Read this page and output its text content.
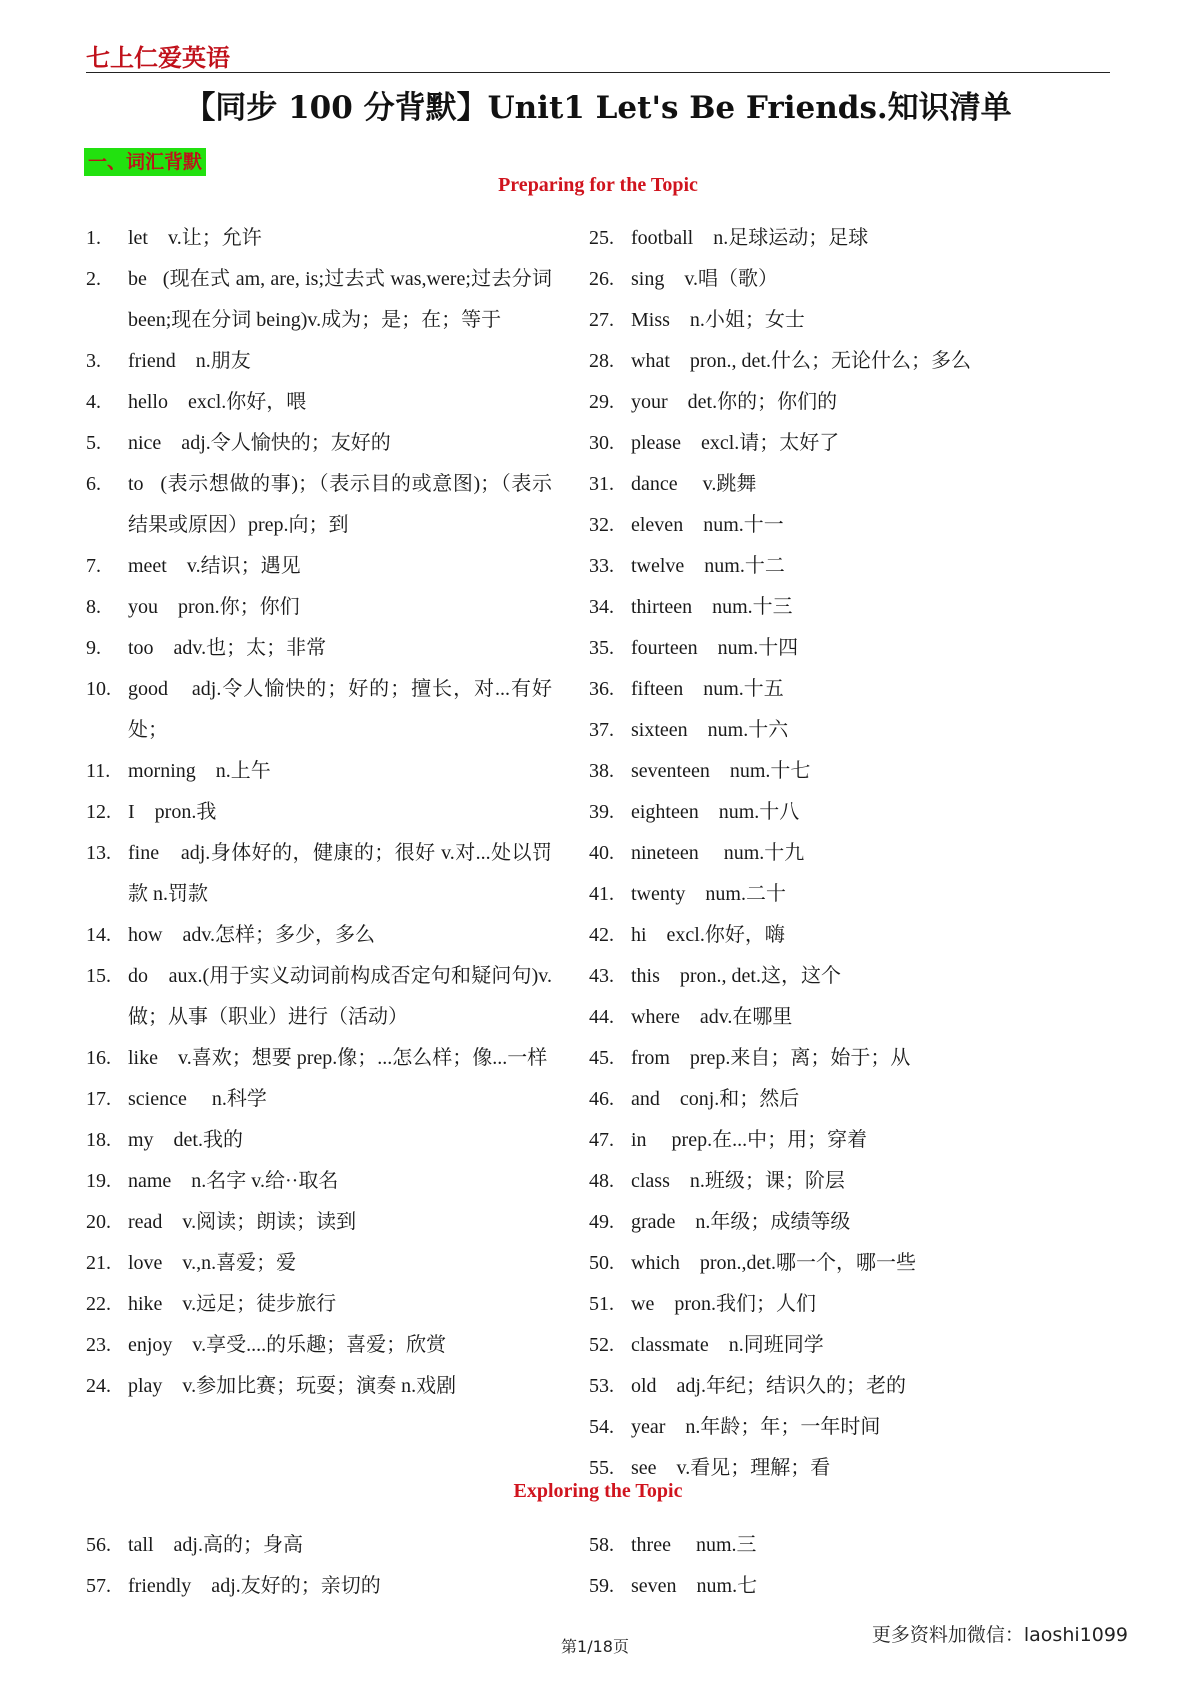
七上仁爱英语
【同步 100 分背默】Unit1 Let's Be Friends.知识清单
一、词汇背默
Preparing for the Topic
1.	let    v.让；允许
2.	be   (现在式 am, are, is;过去式 was,were;过去分词 been;现在分词 being)v.成为；是；在；等于
3.	friend    n.朋友
4.	hello    excl.你好，喂
5.	nice    adj.令人愉快的；友好的
6.	to   (表示想做的事)；（表示目的或意图)；（表示结果或原因）prep.向；到
7.	meet    v.结识；遇见
8.	you    pron.你；你们
9.	too    adv.也；太；非常
10. good    adj.令人愉快的；好的；擅长，对...有好处；
11. morning    n.上午
12. I    pron.我
13. fine    adj.身体好的，健康的；很好 v.对...处以罚款 n.罚款
14. how    adv.怎样；多少，多么
15. do    aux.(用于实义动词前构成否定句和疑问句)v.做；从事（职业）进行（活动）
16. like    v.喜欢；想要 prep.像；...怎么样；像...一样
17. science     n.科学
18. my    det.我的
19. name    n.名字 v.给··取名
20. read    v.阅读；朗读；读到
21. love    v.,n.喜爱；爱
22. hike    v.远足；徒步旅行
23. enjoy    v.享受....的乐趣；喜爱；欣赏
24. play    v.参加比赛；玩耍；演奏 n.戏剧
25. football    n.足球运动；足球
26. sing    v.唱（歌）
27. Miss    n.小姐；女士
28. what    pron., det.什么；无论什么；多么
29. your    det.你的；你们的
30. please    excl.请；太好了
31. dance     v.跳舞
32. eleven    num.十一
33. twelve    num.十二
34. thirteen    num.十三
35. fourteen    num.十四
36. fifteen    num.十五
37. sixteen    num.十六
38. seventeen    num.十七
39. eighteen    num.十八
40. nineteen     num.十九
41. twenty    num.二十
42. hi    excl.你好，嗨
43. this    pron., det.这，这个
44. where    adv.在哪里
45. from    prep.来自；离；始于；从
46. and    conj.和；然后
47. in     prep.在...中；用；穿着
48. class    n.班级；课；阶层
49. grade    n.年级；成绩等级
50. which    pron.,det.哪一个，哪一些
51. we    pron.我们；人们
52. classmate    n.同班同学
53. old    adj.年纪；结识久的；老的
54. year    n.年龄；年；一年时间
55. see    v.看见；理解；看
Exploring the Topic
56. tall    adj.高的；身高
57. friendly    adj.友好的；亲切的
58. three     num.三
59. seven    num.七
第1/18页
更多资料加微信：laoshi1099
